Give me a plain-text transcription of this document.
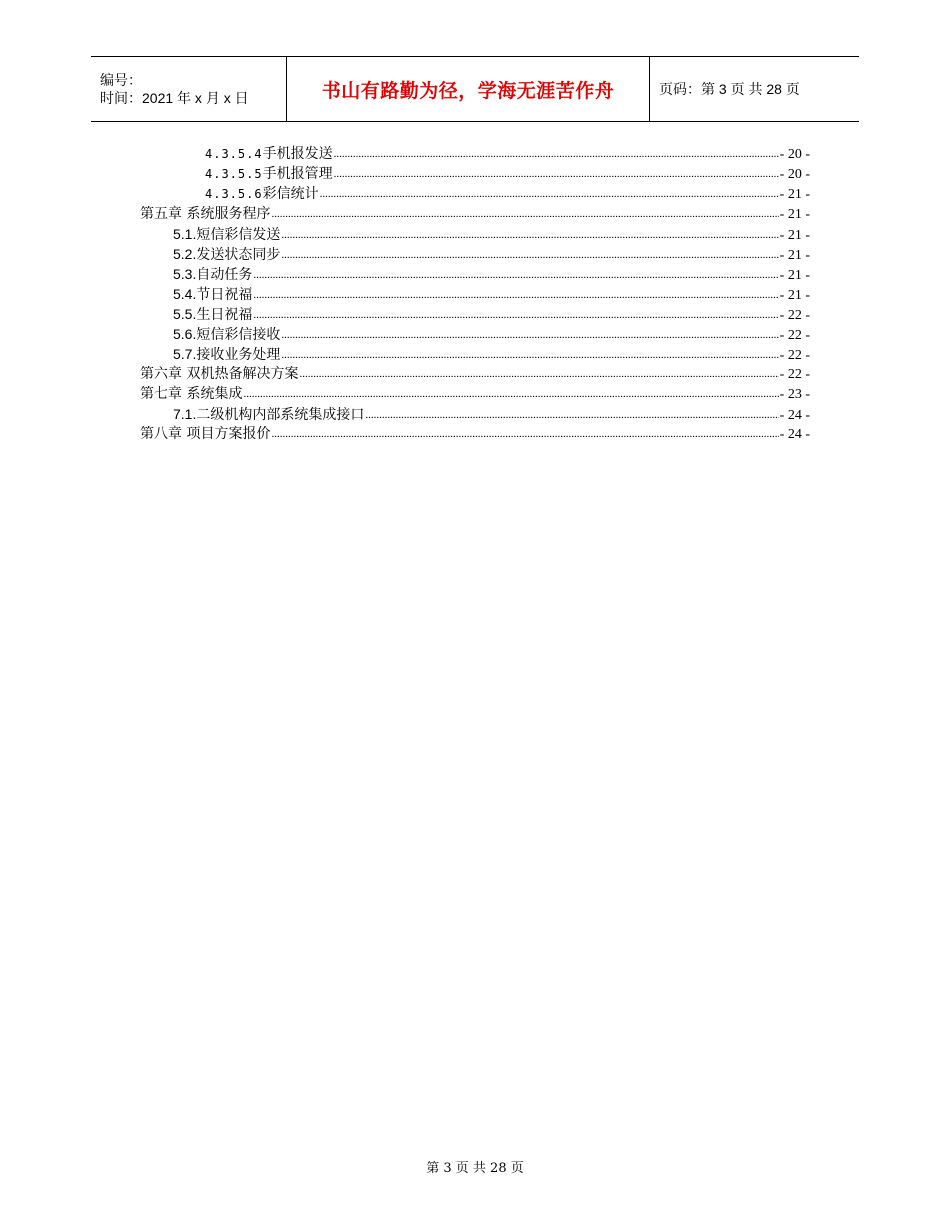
编号：
时间：2021 年 x 月 x 日	书山有路勤为径，学海无涯苦作舟	页码：第 3 页 共 28 页
4.3.5.4 手机报发送 .....	- 20 -
4.3.5.5 手机报管理 .....	- 20 -
4.3.5.6 彩信统计 .....	- 21 -
第五章 系统服务程序 .....	- 21 -
5.1. 短信彩信发送 .....	- 21 -
5.2. 发送状态同步 .....	- 21 -
5.3. 自动任务 .....	- 21 -
5.4. 节日祝福 .....	- 21 -
5.5. 生日祝福 .....	- 22 -
5.6. 短信彩信接收 .....	- 22 -
5.7. 接收业务处理 .....	- 22 -
第六章 双机热备解决方案 .....	- 22 -
第七章 系统集成 .....	- 23 -
7.1. 二级机构内部系统集成接口 .....	- 24 -
第八章 项目方案报价 .....	- 24 -
第 3 页 共 28 页
